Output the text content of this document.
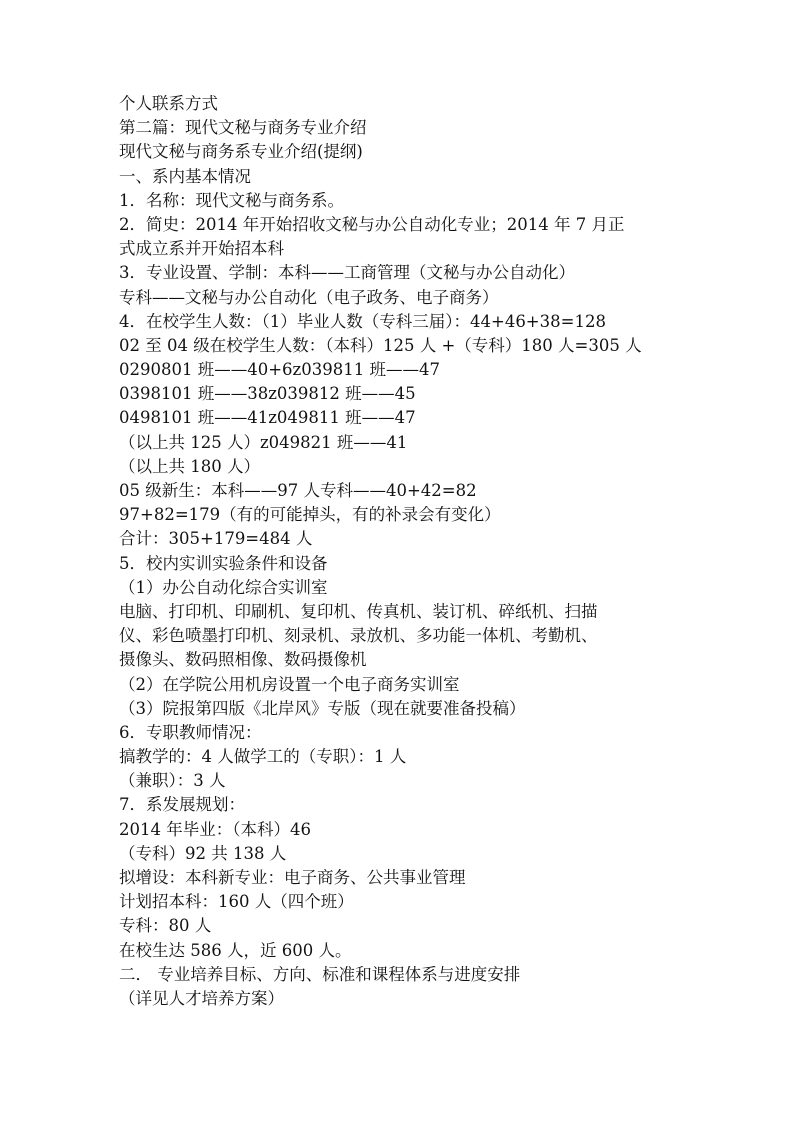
个人联系方式
第二篇：现代文秘与商务专业介绍
现代文秘与商务系专业介绍(提纲)
一、系内基本情况
1．名称：现代文秘与商务系。
2．简史：2014 年开始招收文秘与办公自动化专业；2014 年 7 月正
式成立系并开始招本科
3．专业设置、学制：本科——工商管理（文秘与办公自动化）
专科——文秘与办公自动化（电子政务、电子商务）
4．在校学生人数：（1）毕业人数（专科三届）：44+46+38=128
02 至 04 级在校学生人数：（本科）125 人 +（专科）180 人=305 人
0290801 班——40+6z039811 班——47
0398101 班——38z039812 班——45
0498101 班——41z049811 班——47
（以上共 125 人）z049821 班——41
（以上共 180 人）
05 级新生：本科——97 人专科——40+42=82
97+82=179（有的可能掉头，有的补录会有变化）
合计：305+179=484 人
5．校内实训实验条件和设备
（1）办公自动化综合实训室
电脑、打印机、印刷机、复印机、传真机、装订机、碎纸机、扫描
仪、彩色喷墨打印机、刻录机、录放机、多功能一体机、考勤机、
摄像头、数码照相像、数码摄像机
（2）在学院公用机房设置一个电子商务实训室
（3）院报第四版《北岸风》专版（现在就要准备投稿）
6．专职教师情况：
搞教学的：4 人做学工的（专职）：1 人
（兼职）：3 人
7．系发展规划：
2014 年毕业：（本科）46
（专科）92 共 138 人
拟增设：本科新专业：电子商务、公共事业管理
计划招本科：160 人（四个班）
专科：80 人
在校生达 586 人，近 600 人。
二． 专业培养目标、方向、标准和课程体系与进度安排
（详见人才培养方案）
